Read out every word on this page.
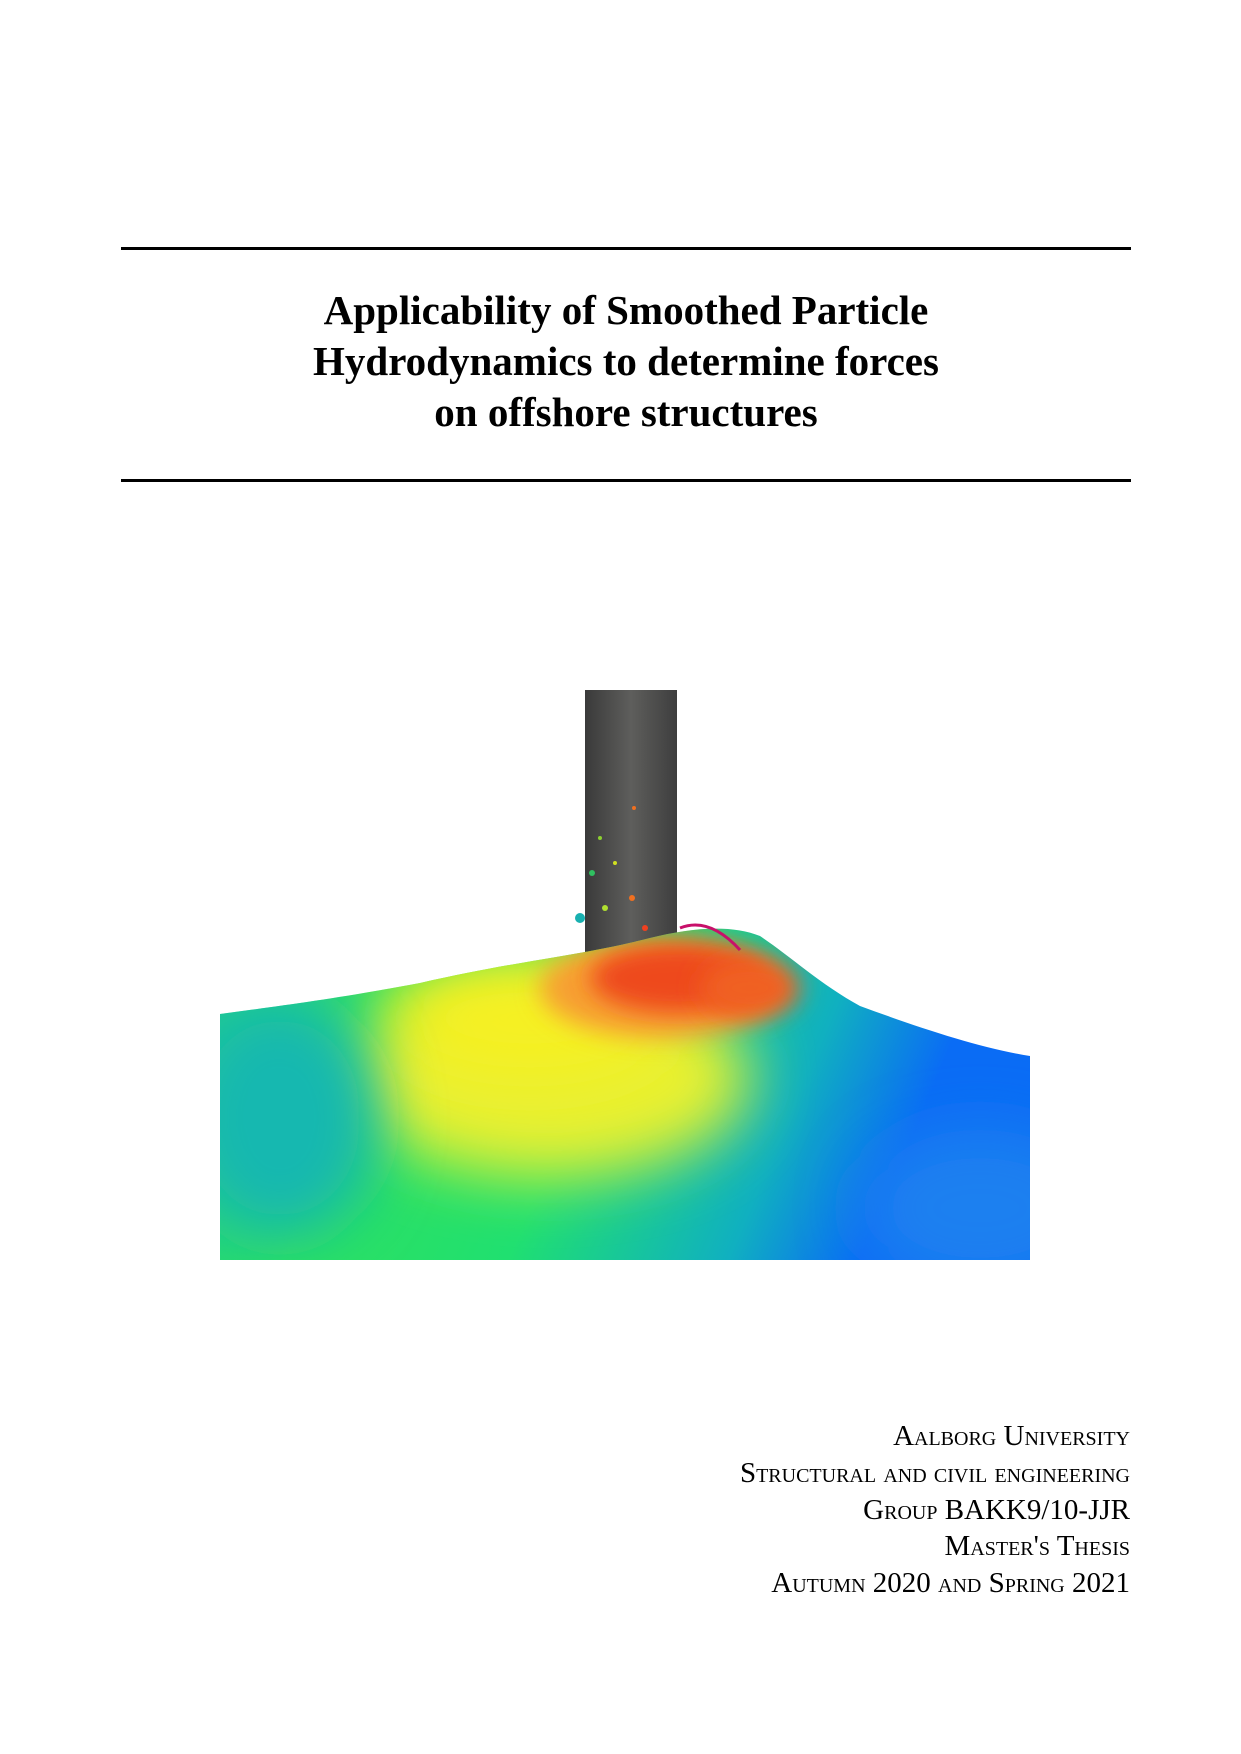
Applicability of Smoothed Particle
Hydrodynamics to determine forces
on offshore structures
Aalborg University
Structural and civil engineering
Group BAKK9/10-JJR
Master's Thesis
Autumn 2020 and Spring 2021
